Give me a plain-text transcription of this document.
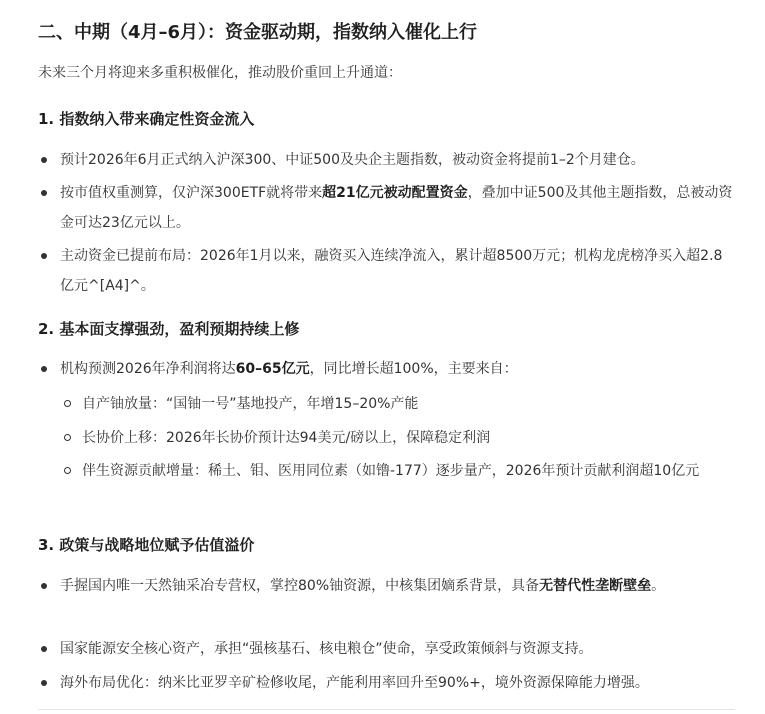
二、中期（4月–6月）：资金驱动期，指数纳入催化上行
未来三个月将迎来多重积极催化，推动股价重回上升通道：
1. 指数纳入带来确定性资金流入
预计2026年6月正式纳入沪深300、中证500及央企主题指数，被动资金将提前1–2个月建仓。
按市值权重测算，仅沪深300ETF就将带来超21亿元被动配置资金，叠加中证500及其他主题指数，总被动资金可达23亿元以上。
主动资金已提前布局：2026年1月以来，融资买入连续净流入，累计超8500万元；机构龙虎榜净买入超2.8亿元^[A4]^。
2. 基本面支撑强劲，盈利预期持续上修
机构预测2026年净利润将达60–65亿元，同比增长超100%，主要来自：
自产铀放量：“国铀一号”基地投产，年增15–20%产能
长协价上移：2026年长协价预计达94美元/磅以上，保障稳定利润
伴生资源贡献增量：稀土、钼、医用同位素（如镥-177）逐步量产，2026年预计贡献利润超10亿元
3. 政策与战略地位赋予估值溢价
手握国内唯一天然铀采冶专营权，掌控80%铀资源，中核集团嫡系背景，具备无替代性垄断壁垒。
国家能源安全核心资产，承担“强核基石、核电粮仓”使命，享受政策倾斜与资源支持。
海外布局优化：纳米比亚罗辛矿检修收尾，产能利用率回升至90%+，境外资源保障能力增强。
